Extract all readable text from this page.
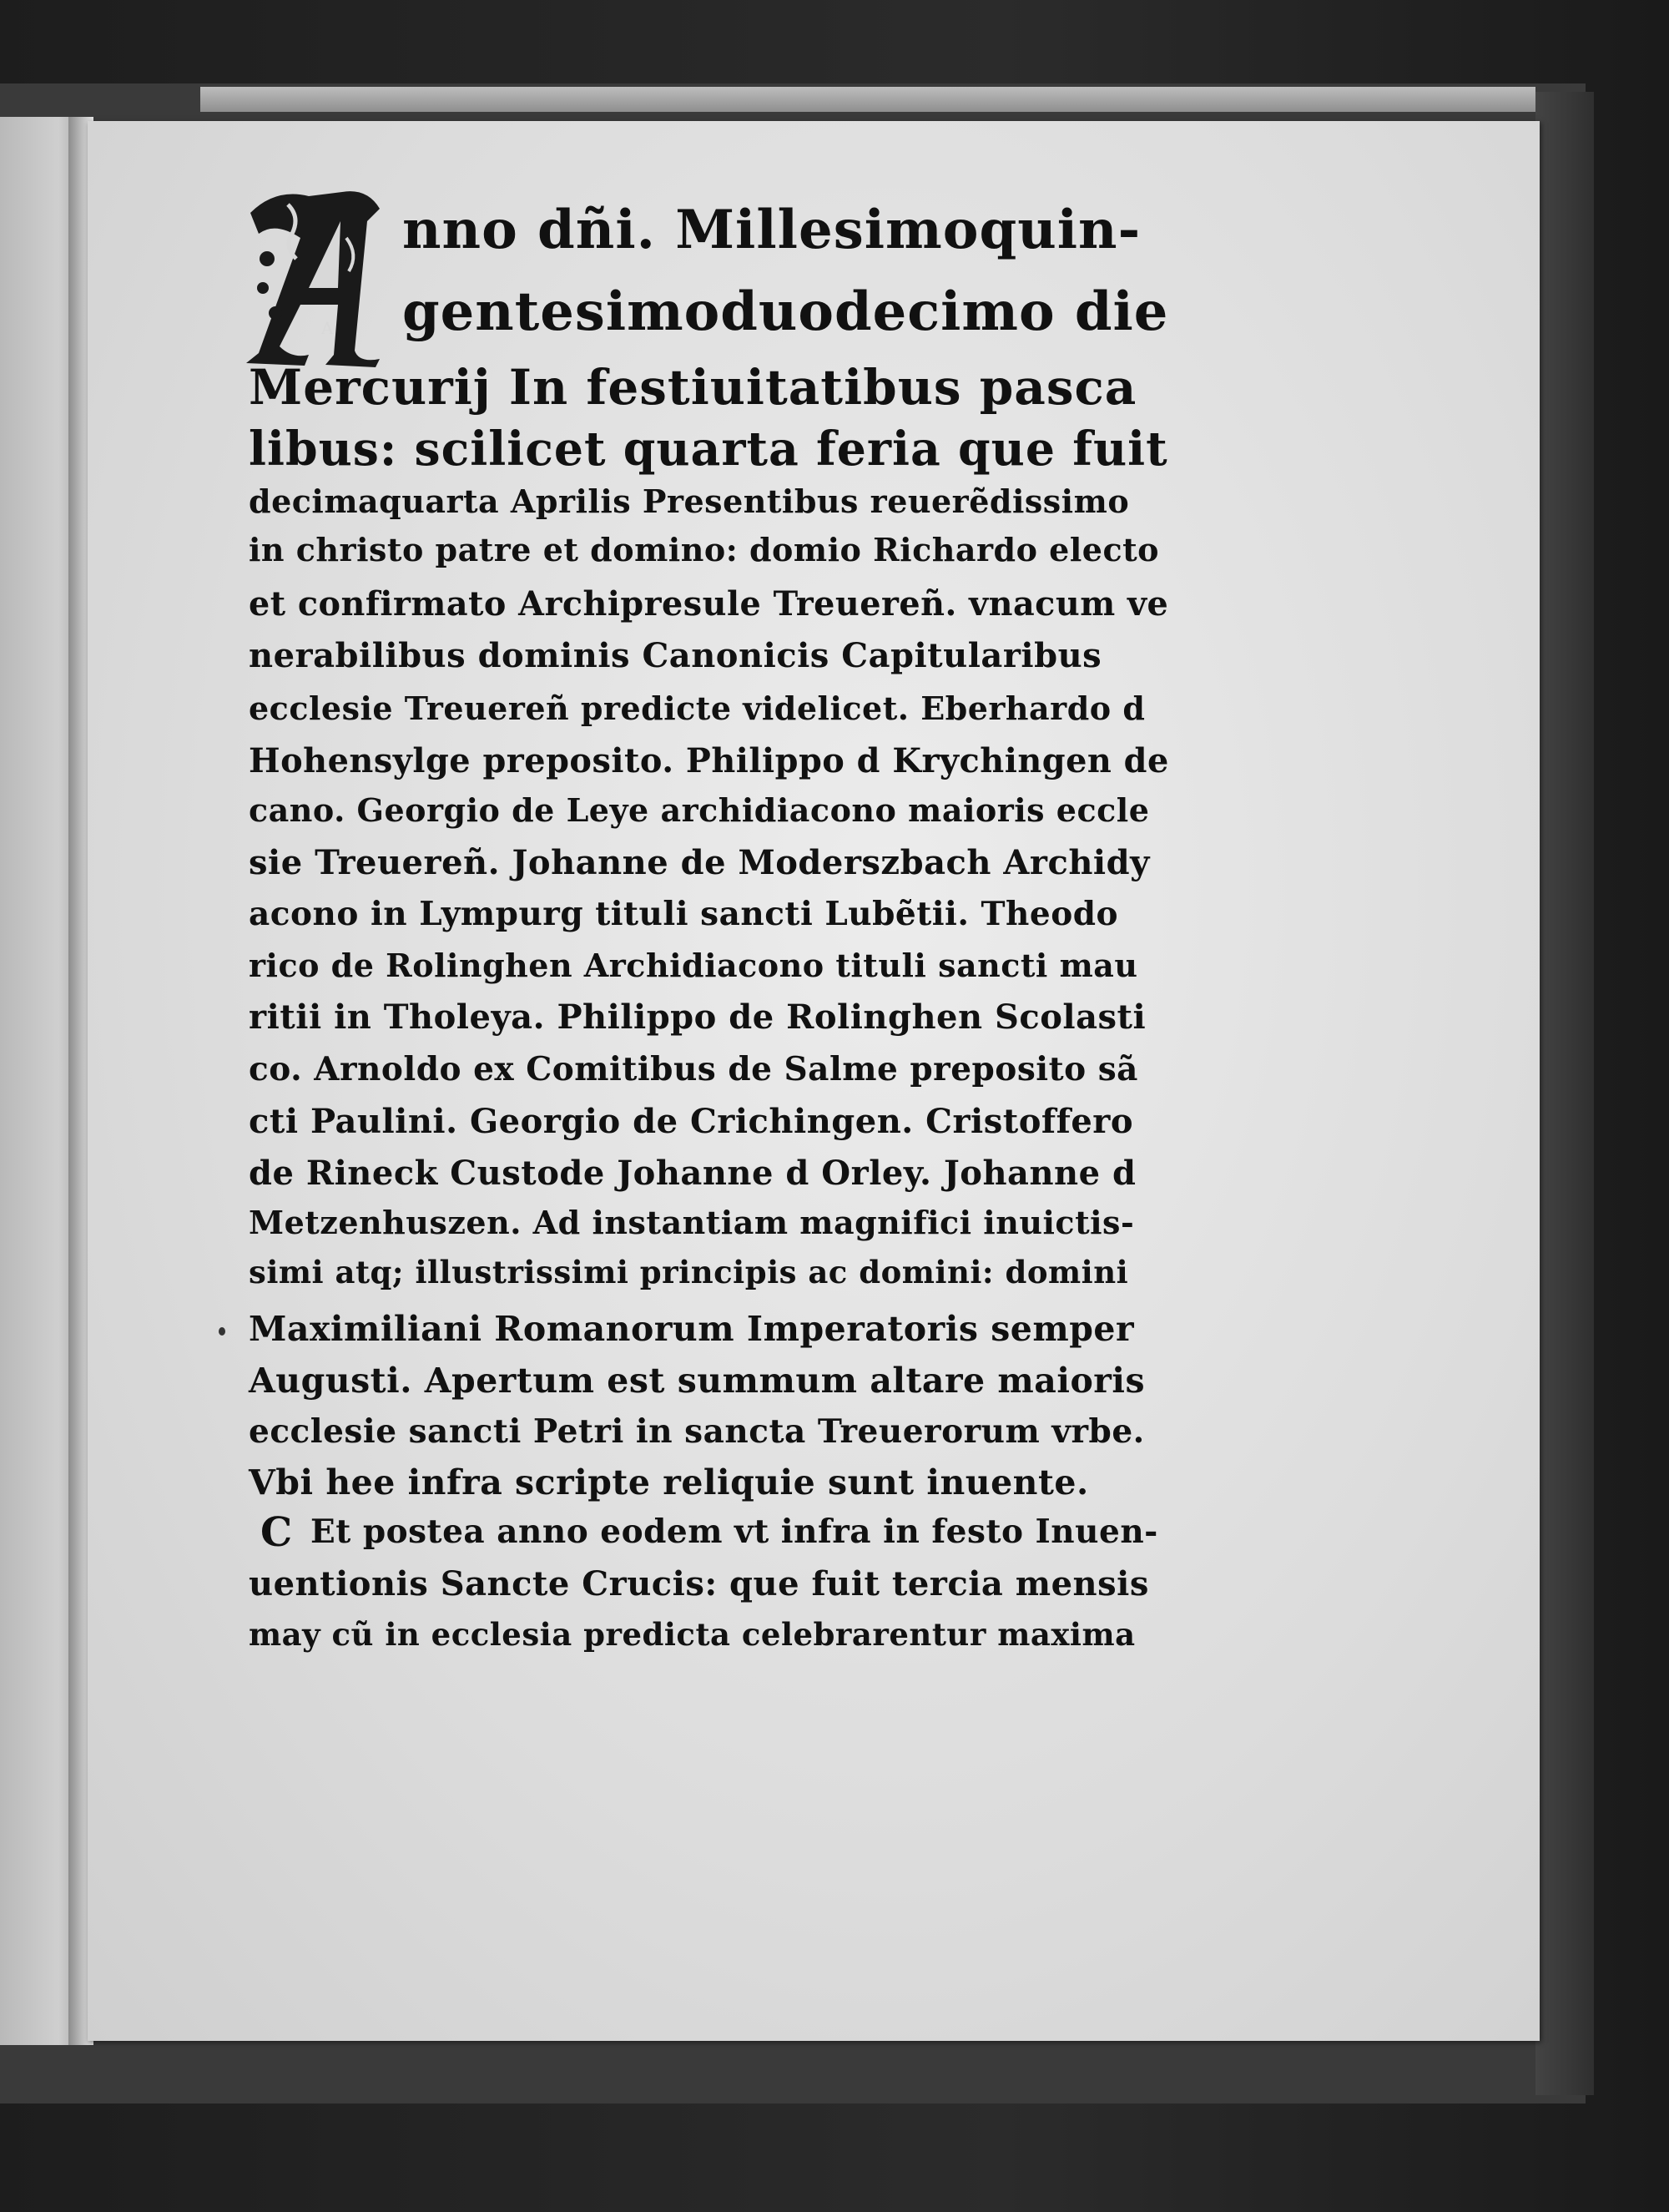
A
nno dñi. Millesimoquin-
gentesimoduodecimo die
Mercurij In festiuitatibus pasca
libus: scilicet quarta feria que fuit
decimaquarta Aprilis Presentibus reuerẽdissimo
in christo patre et domino: domio Richardo electo
et confirmato Archipresule Treuereñ. vnacum ve
nerabilibus dominis Canonicis Capitularibus
ecclesie Treuereñ predicte videlicet. Eberhardo d
Hohensylge preposito. Philippo d Krychingen de
cano. Georgio de Leye archidiacono maioris eccle
sie Treuereñ. Johanne de Moderszbach Archidy
acono in Lympurg tituli sancti Lubẽtii. Theodo
rico de Rolinghen Archidiacono tituli sancti mau
ritii in Tholeya. Philippo de Rolinghen Scolasti
co. Arnoldo ex Comitibus de Salme preposito sã
cti Paulini. Georgio de Crichingen. Cristoffero
de Rineck Custode Johanne d Orley. Johanne d
Metzenhuszen. Ad instantiam magnifici inuictis-
simi atq; illustrissimi principis ac domini: domini
Maximiliani Romanorum Imperatoris semper
Augusti. Apertum est summum altare maioris
ecclesie sancti Petri in sancta Treuerorum vrbe.
Vbi hee infra scripte reliquie sunt inuente.
C Et postea anno eodem vt infra in festo Inuen-
uentionis Sancte Crucis: que fuit tercia mensis
may cũ in ecclesia predicta celebrarentur maxima
